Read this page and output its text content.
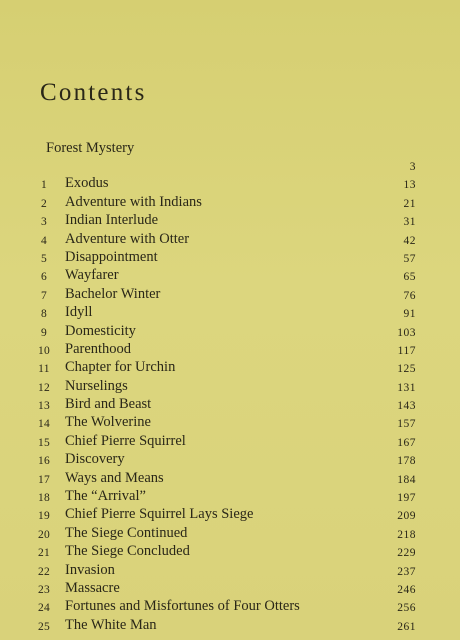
Contents
Forest Mystery
3
1	Exodus	13
2	Adventure with Indians	21
3	Indian Interlude	31
4	Adventure with Otter	42
5	Disappointment	57
6	Wayfarer	65
7	Bachelor Winter	76
8	Idyll	91
9	Domesticity	103
10	Parenthood	117
11	Chapter for Urchin	125
12	Nurselings	131
13	Bird and Beast	143
14	The Wolverine	157
15	Chief Pierre Squirrel	167
16	Discovery	178
17	Ways and Means	184
18	The “Arrival”	197
19	Chief Pierre Squirrel Lays Siege	209
20	The Siege Continued	218
21	The Siege Concluded	229
22	Invasion	237
23	Massacre	246
24	Fortunes and Misfortunes of Four Otters	256
25	The White Man	261
